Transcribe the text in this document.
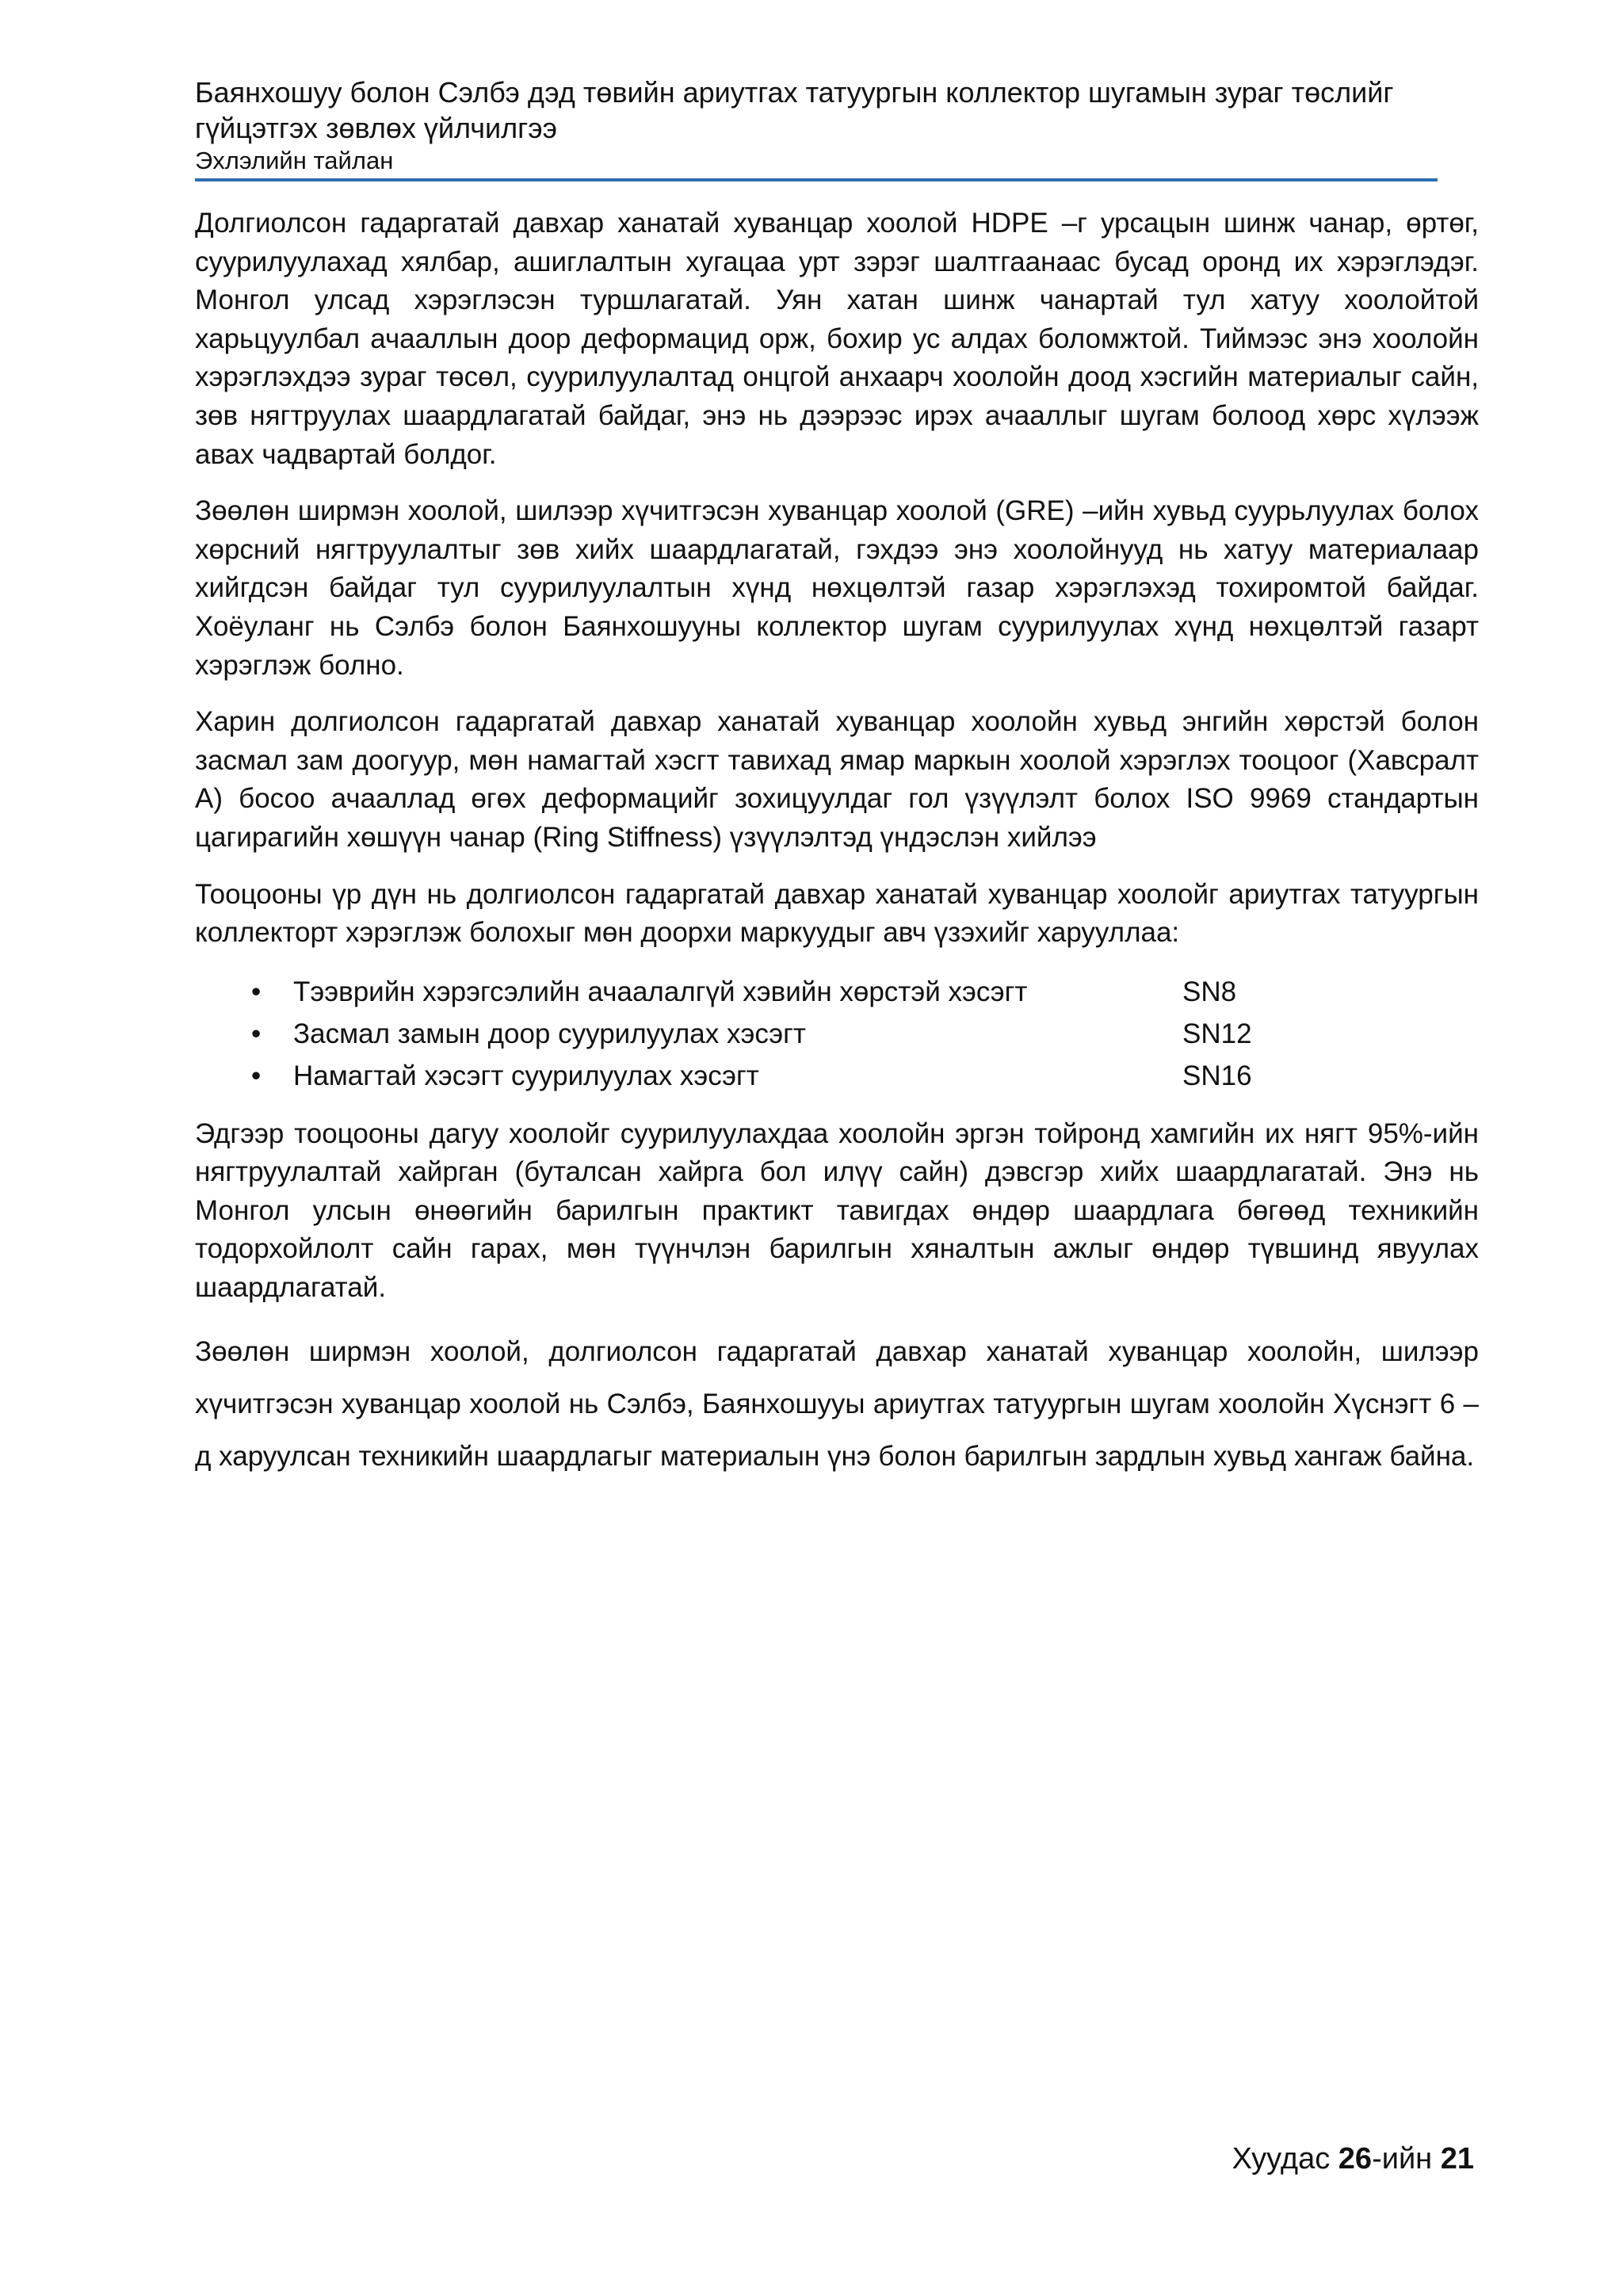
Баянхошуу болон Сэлбэ дэд төвийн ариутгах татуургын коллектор шугамын зураг төслийг гүйцэтгэх зөвлөх үйлчилгээ

Эхлэлийн тайлан

Долгиолсон гадаргатай давхар ханатай хуванцар хоолой HDPE –г урсацын шинж чанар, өртөг, суурилуулахад хялбар, ашиглалтын хугацаа урт зэрэг шалтгаанаас бусад оронд их хэрэглэдэг. Монгол улсад хэрэглэсэн туршлагатай. Уян хатан шинж чанартай тул хатуу хоолойтой харьцуулбал ачааллын доор деформацид орж, бохир ус алдах боломжтой. Тиймээс энэ хоолойн хэрэглэхдээ зураг төсөл, суурилуулалтад онцгой анхаарч хоолойн доод хэсгийн материалыг сайн, зөв нягтруулах шаардлагатай байдаг, энэ нь дээрээс ирэх ачааллыг шугам болоод хөрс хүлээж авах чадвартай болдог.

Зөөлөн ширмэн хоолой, шилээр хүчитгэсэн хуванцар хоолой (GRE) –ийн хувьд суурьлуулах болох хөрсний нягтруулалтыг зөв хийх шаардлагатай, гэхдээ энэ хоолойнууд нь хатуу материалаар хийгдсэн байдаг тул суурилуулалтын хүнд нөхцөлтэй газар хэрэглэхэд тохиромтой байдаг. Хоёуланг нь Сэлбэ болон Баянхошууны коллектор шугам суурилуулах хүнд нөхцөлтэй газарт хэрэглэж болно.

Харин долгиолсон гадаргатай давхар ханатай хуванцар хоолойн хувьд энгийн хөрстэй болон засмал зам доогуур, мөн намагтай хэсгт тавихад ямар маркын хоолой хэрэглэх тооцоог (Хавсралт А) босоо ачааллад өгөх деформацийг зохицуулдаг гол үзүүлэлт болох ISO 9969 стандартын цагирагийн хөшүүн чанар (Ring Stiffness) үзүүлэлтэд үндэслэн хийлээ

Тооцооны үр дүн нь долгиолсон гадаргатай давхар ханатай хуванцар хоолойг ариутгах татуургын коллекторт хэрэглэж болохыг мөн доорхи маркуудыг авч үзэхийг харууллаа:

• Тээврийн хэрэгсэлийн ачаалалгүй хэвийн хөрстэй хэсэгт	SN8
• Засмал замын доор суурилуулах хэсэгт	SN12
• Намагтай хэсэгт суурилуулах хэсэгт	SN16

Эдгээр тооцооны дагуу хоолойг суурилуулахдаа хоолойн эргэн тойронд хамгийн их нягт 95%-ийн нягтруулалтай хайрган (буталсан хайрга бол илүү сайн) дэвсгэр хийх шаардлагатай. Энэ нь Монгол улсын өнөөгийн барилгын практикт тавигдах өндөр шаардлага бөгөөд техникийн тодорхойлолт сайн гарах, мөн түүнчлэн барилгын хяналтын ажлыг өндөр түвшинд явуулах шаардлагатай.

Зөөлөн ширмэн хоолой, долгиолсон гадаргатай давхар ханатай хуванцар хоолойн, шилээр хүчитгэсэн хуванцар хоолой нь Сэлбэ, Баянхошууы ариутгах татуургын шугам хоолойн Хүснэгт 6 –д харуулсан техникийн шаардлагыг материалын үнэ болон барилгын зардлын хувьд хангаж байна.

Хуудас 26-ийн 21
